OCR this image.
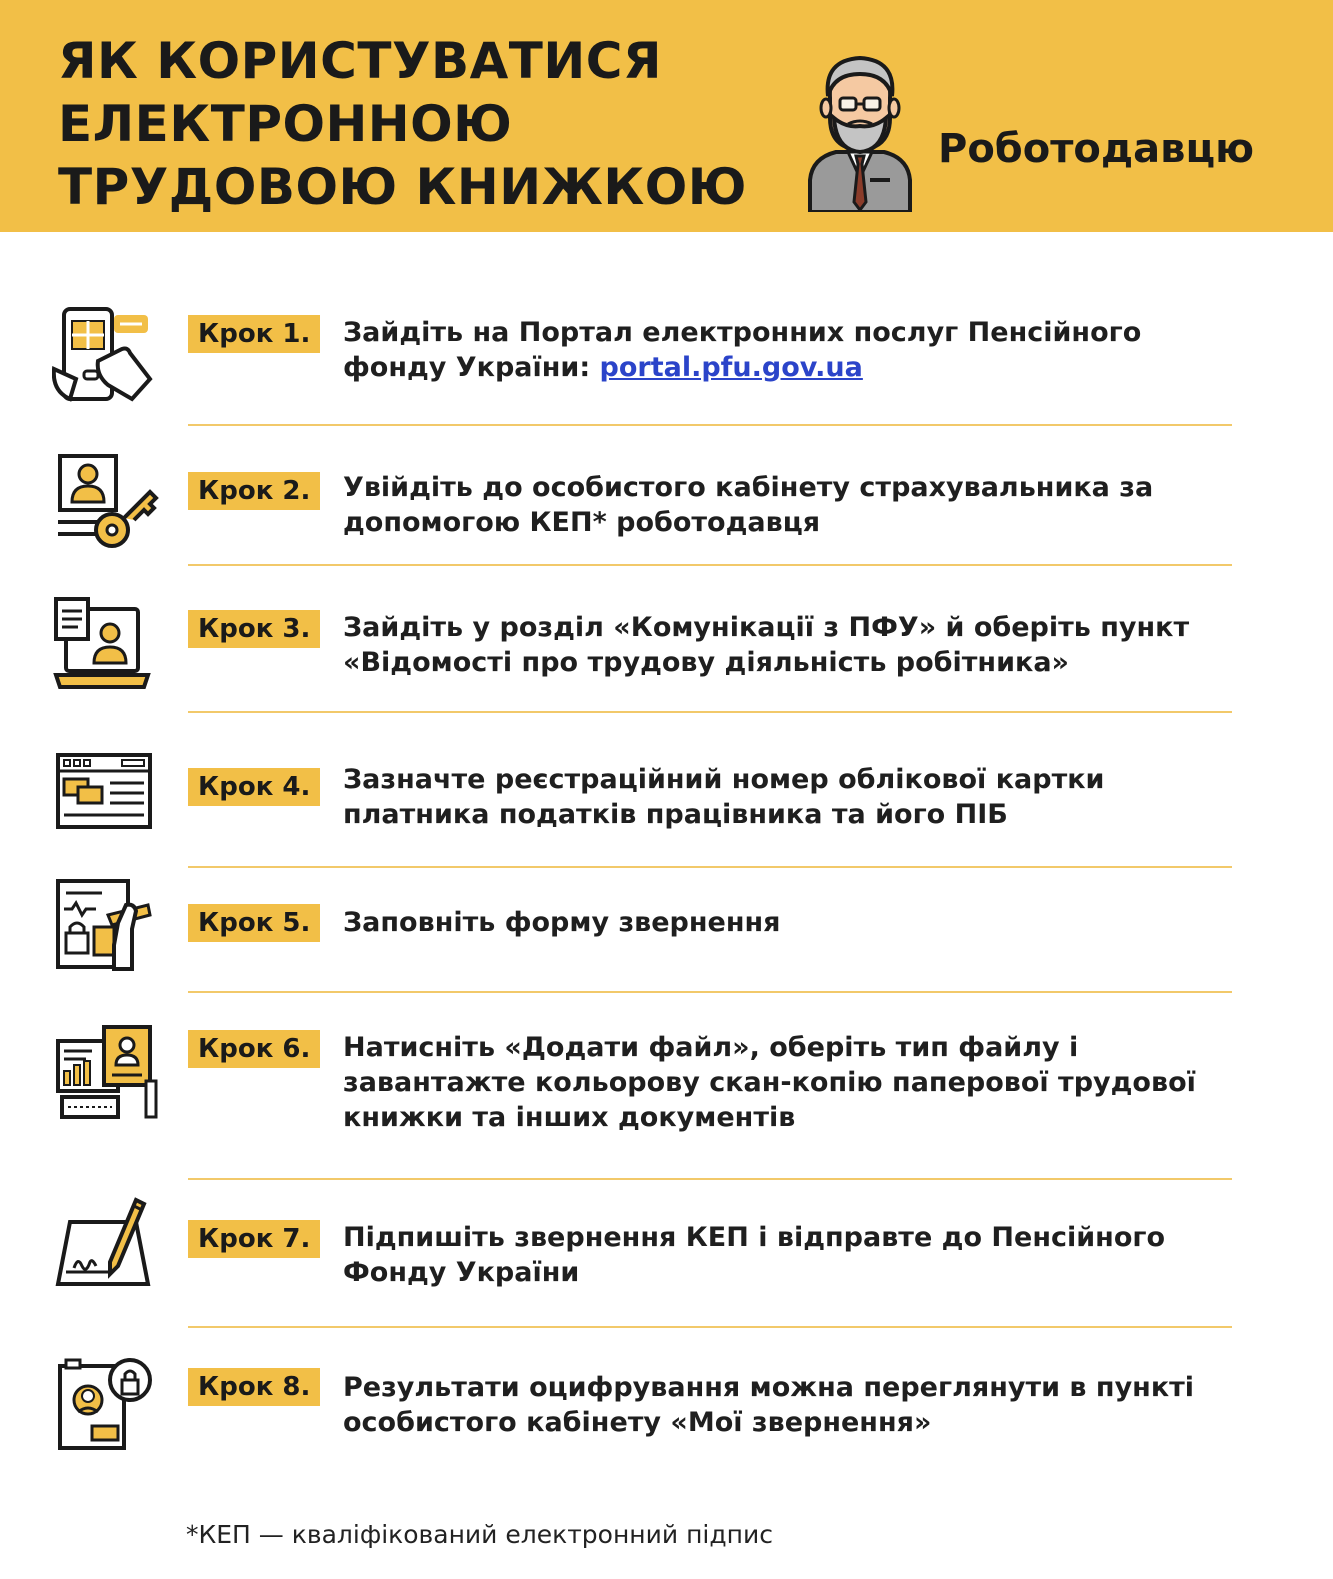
ЯК КОРИСТУВАТИСЯ
ЕЛЕКТРОННОЮ
ТРУДОВОЮ КНИЖКОЮ
Роботодавцю
Крок 1.	Зайдіть на Портал електронних послуг Пенсійного фонду України: portal.pfu.gov.ua
Крок 2.	Увійдіть до особистого кабінету страхувальника за допомогою КЕП* роботодавця
Крок 3.	Зайдіть у розділ «Комунікації з ПФУ» й оберіть пункт «Відомості про трудову діяльність робітника»
Крок 4.	Зазначте реєстраційний номер облікової картки платника податків працівника та його ПІБ
Крок 5.	Заповніть форму звернення
Крок 6.	Натисніть «Додати файл», оберіть тип файлу і завантажте кольорову скан-копію паперової трудової книжки та інших документів
Крок 7.	Підпишіть звернення КЕП і відправте до Пенсійного Фонду України
Крок 8.	Результати оцифрування можна переглянути в пункті особистого кабінету «Мої звернення»
*КЕП — кваліфікований електронний підпис
